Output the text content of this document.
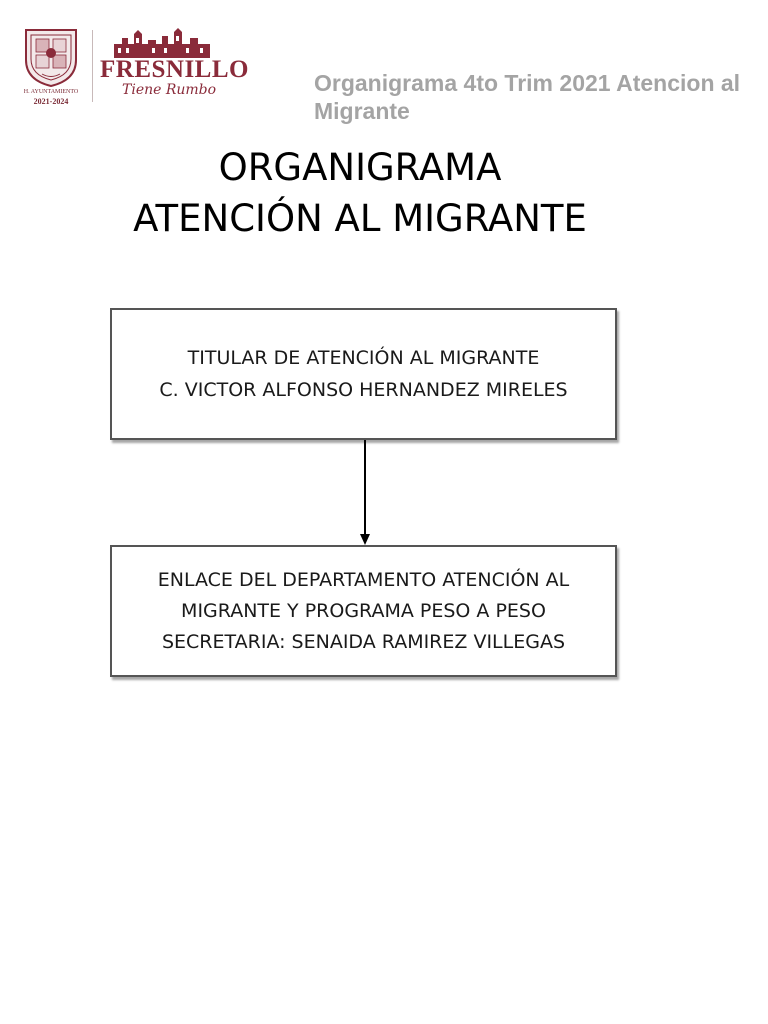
H. AYUNTAMIENTO
2021-2024
FRESNILLO
Tiene Rumbo	Organigrama 4to Trim 2021 Atencion al Migrante
ORGANIGRAMA
ATENCIÓN AL MIGRANTE
TITULAR DE ATENCIÓN AL MIGRANTE
C. VICTOR ALFONSO HERNANDEZ MIRELES
ENLACE DEL DEPARTAMENTO ATENCIÓN AL
MIGRANTE Y PROGRAMA PESO A PESO
SECRETARIA: SENAIDA RAMIREZ VILLEGAS
